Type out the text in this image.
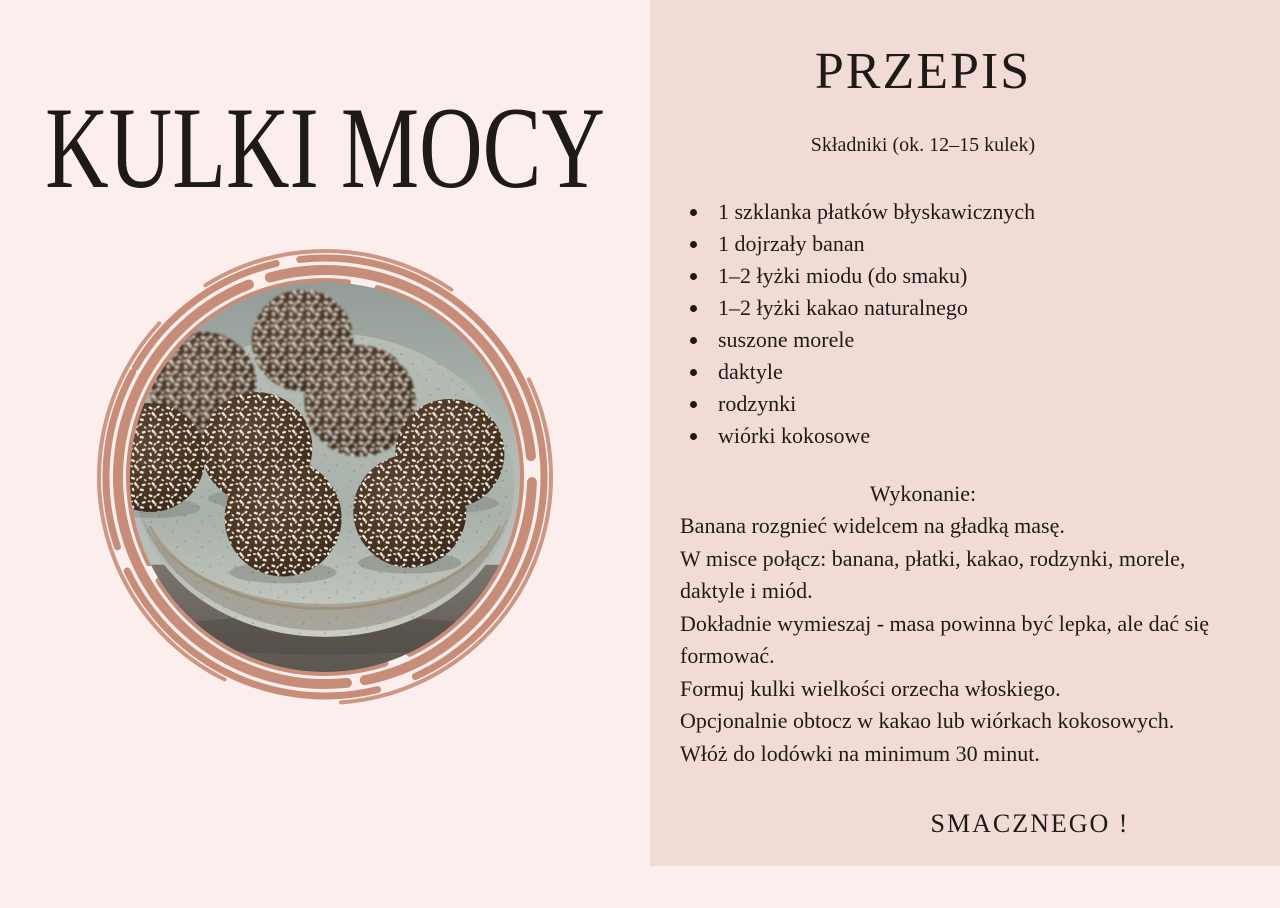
KULKI MOCY
PRZEPIS
Składniki (ok. 12–15 kulek)
1 szklanka płatków błyskawicznych
1 dojrzały banan
1–2 łyżki miodu (do smaku)
1–2 łyżki kakao naturalnego
suszone morele
daktyle
rodzynki
wiórki kokosowe
Wykonanie:

Banana rozgnieć widelcem na gładką masę.

W misce połącz: banana, płatki, kakao, rodzynki, morele, daktyle i miód.

Dokładnie wymieszaj - masa powinna być lepka, ale dać się formować.

Formuj kulki wielkości orzecha włoskiego.

Opcjonalnie obtocz w kakao lub wiórkach kokosowych.

Włóż do lodówki na minimum 30 minut.

SMACZNEGO !
